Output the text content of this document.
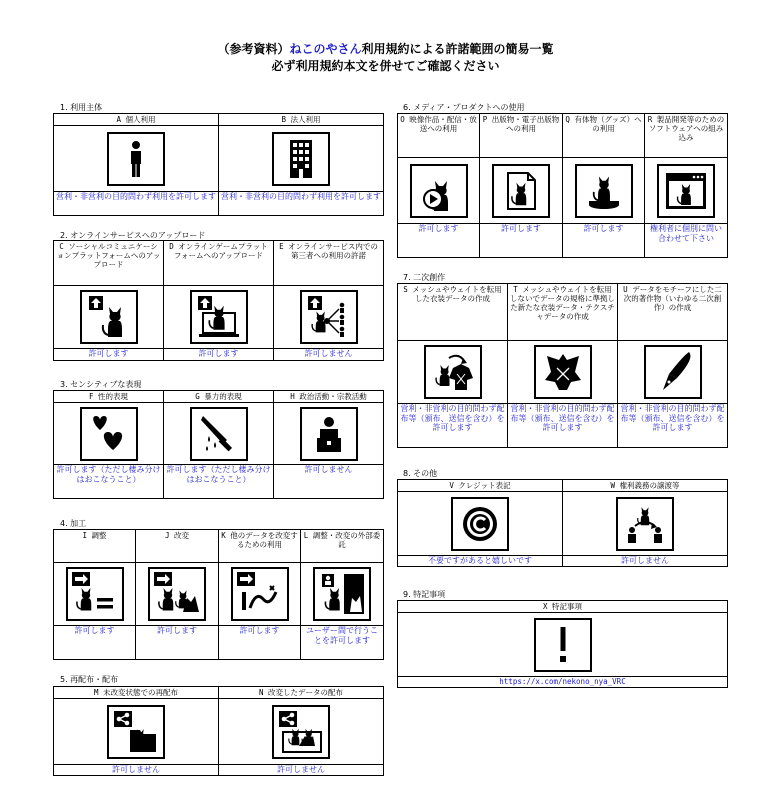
（参考資料）ねこのやさん利用規約による許諾範囲の簡易一覧
必ず利用規約本文を併せてご確認ください
1. 利用主体
A 個人利用	B 法人利用

営利・非営利の目的問わず利用を許可します	営利・非営利の目的問わず利用を許可します
2. オンラインサービスへのアップロード
C ソーシャルコミュニケーションプラットフォームへのアップロード	D オンラインゲームプラットフォームへのアップロード	E オンラインサービス内での第三者への利用の許諾

許可します	許可します	許可しません
3. センシティブな表現
F 性的表現	G 暴力的表現	H 政治活動・宗教活動

許可します（ただし棲み分けはおこなうこと）	許可します（ただし棲み分けはおこなうこと）	許可しません
4. 加工
I 調整	J 改変	K 他のデータを改変するための利用	L 調整・改変の外部委託

許可します	許可します	許可します	ユーザー間で行うことを許可します
5. 再配布・配布
M 未改変状態での再配布	N 改変したデータの配布

許可しません	許可しません
6. メディア・プロダクトへの使用
O 映像作品・配信・放送への利用	P 出版物・電子出版物への利用	Q 有体物（グッズ）への利用	R 製品開発等のためのソフトウェアへの組み込み

許可します	許可します	許可します	権利者に個別に問い合わせて下さい
7. 二次創作
S メッシュやウェイトを転用した衣装データの作成	T メッシュやウェイトを転用しないでデータの規格に準拠した新たな衣装データ・テクスチャデータの作成	U データをモチーフにした二次的著作物（いわゆる二次創作）の作成

営利・非営利の目的問わず配布等（頒布、送信を含む）を許可します	営利・非営利の目的問わず配布等（頒布、送信を含む）を許可します	営利・非営利の目的問わず配布等（頒布、送信を含む）を許可します
8. その他
V クレジット表記	W 権利義務の譲渡等

不要ですがあると嬉しいです	許可しません
9. 特記事項
X 特記事項

https://x.com/nekono_nya_VRC
